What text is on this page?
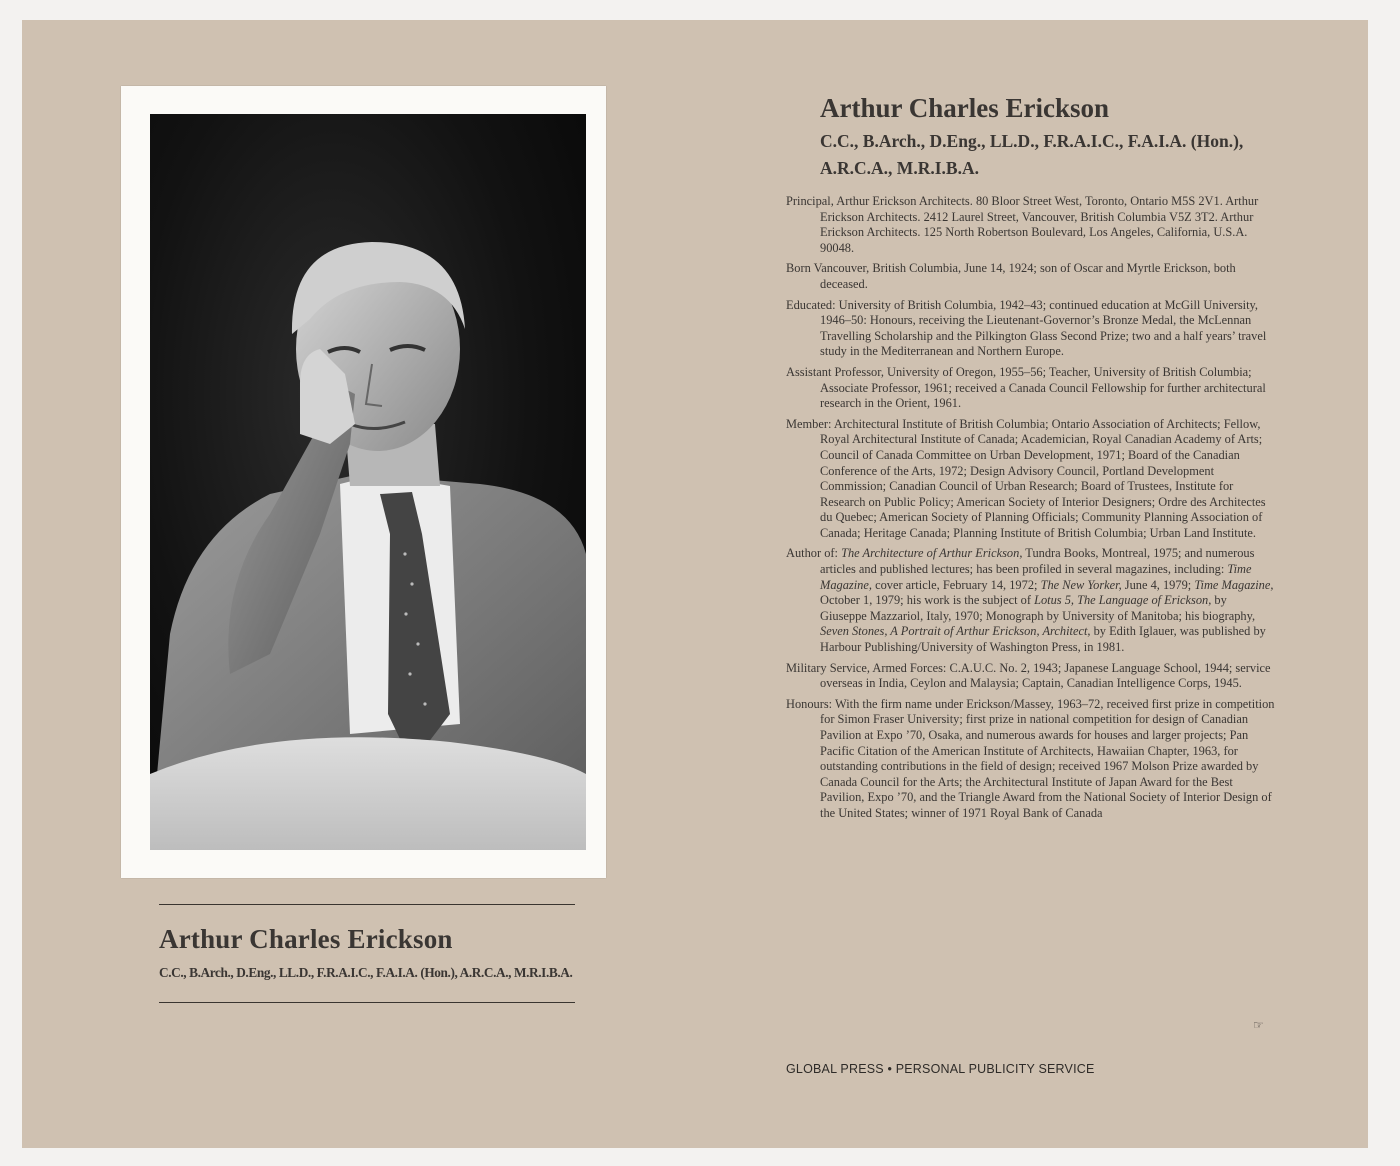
Arthur Charles Erickson
C.C., B.Arch., D.Eng., LL.D., F.R.A.I.C., F.A.I.A. (Hon.), A.R.C.A., M.R.I.B.A.
Arthur Charles Erickson
C.C., B.Arch., D.Eng., LL.D., F.R.A.I.C., F.A.I.A. (Hon.), A.R.C.A., M.R.I.B.A.

Principal, Arthur Erickson Architects. 80 Bloor Street West, Toronto, Ontario M5S 2V1. Arthur Erickson Architects. 2412 Laurel Street, Vancouver, British Columbia V5Z 3T2. Arthur Erickson Architects. 125 North Robertson Boulevard, Los Angeles, California, U.S.A. 90048.

Born Vancouver, British Columbia, June 14, 1924; son of Oscar and Myrtle Erickson, both deceased.

Educated: University of British Columbia, 1942–43; continued education at McGill University, 1946–50: Honours, receiving the Lieutenant-Governor’s Bronze Medal, the McLennan Travelling Scholarship and the Pilkington Glass Second Prize; two and a half years’ travel study in the Mediterranean and Northern Europe.

Assistant Professor, University of Oregon, 1955–56; Teacher, University of British Columbia; Associate Professor, 1961; received a Canada Council Fellowship for further architectural research in the Orient, 1961.

Member: Architectural Institute of British Columbia; Ontario Association of Architects; Fellow, Royal Architectural Institute of Canada; Academician, Royal Canadian Academy of Arts; Council of Canada Committee on Urban Development, 1971; Board of the Canadian Conference of the Arts, 1972; Design Advisory Council, Portland Development Commission; Canadian Council of Urban Research; Board of Trustees, Institute for Research on Public Policy; American Society of Interior Designers; Ordre des Architectes du Quebec; American Society of Planning Officials; Community Planning Association of Canada; Heritage Canada; Planning Institute of British Columbia; Urban Land Institute.

Author of: The Architecture of Arthur Erickson, Tundra Books, Montreal, 1975; and numerous articles and published lectures; has been profiled in several magazines, including: Time Magazine, cover article, February 14, 1972; The New Yorker, June 4, 1979; Time Magazine, October 1, 1979; his work is the subject of Lotus 5, The Language of Erickson, by Giuseppe Mazzariol, Italy, 1970; Monograph by University of Manitoba; his biography, Seven Stones, A Portrait of Arthur Erickson, Architect, by Edith Iglauer, was published by Harbour Publishing/University of Washington Press, in 1981.

Military Service, Armed Forces: C.A.U.C. No. 2, 1943; Japanese Language School, 1944; service overseas in India, Ceylon and Malaysia; Captain, Canadian Intelligence Corps, 1945.

Honours: With the firm name under Erickson/Massey, 1963–72, received first prize in competition for Simon Fraser University; first prize in national competition for design of Canadian Pavilion at Expo ’70, Osaka, and numerous awards for houses and larger projects; Pan Pacific Citation of the American Institute of Architects, Hawaiian Chapter, 1963, for outstanding contributions in the field of design; received 1967 Molson Prize awarded by Canada Council for the Arts; the Architectural Institute of Japan Award for the Best Pavilion, Expo ’70, and the Triangle Award from the National Society of Interior Design of the United States; winner of 1971 Royal Bank of Canada

☞
GLOBAL PRESS • PERSONAL PUBLICITY SERVICE
